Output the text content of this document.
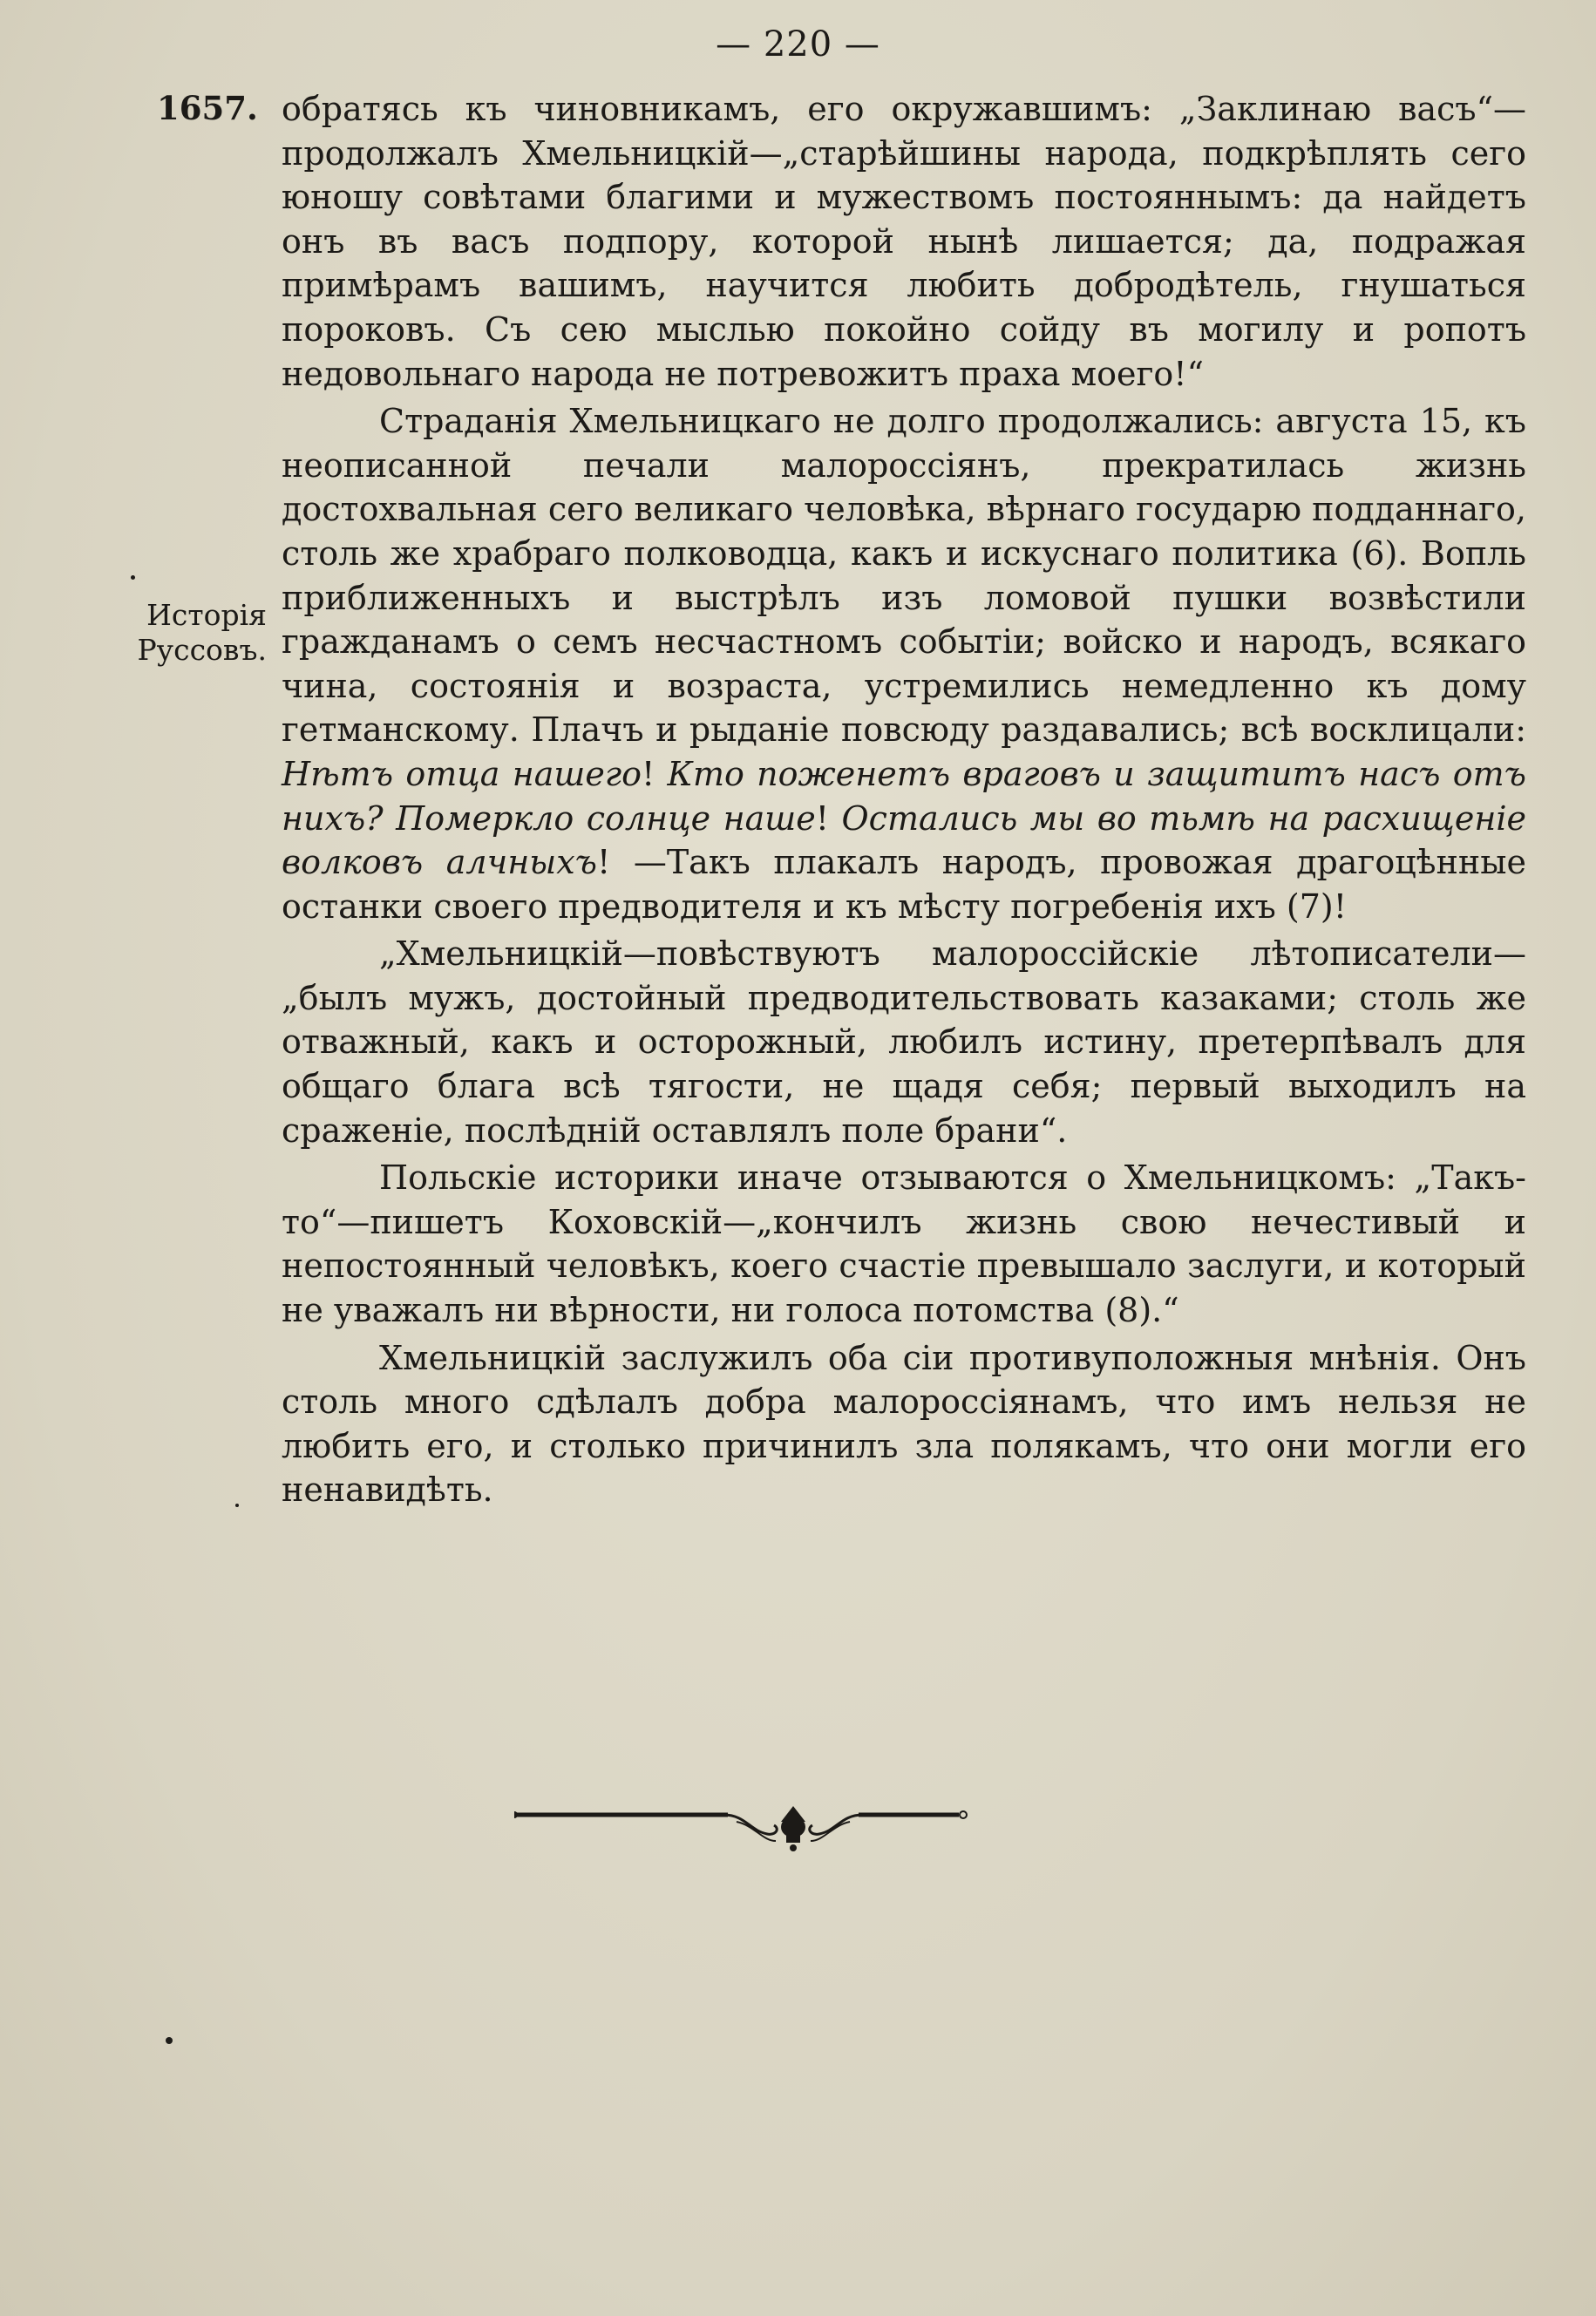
— 220 —
1657.
Исторія
Руссовъ.

обратясь къ чиновникамъ, его окружавшимъ: „Заклинаю васъ“—продолжалъ Хмельницкій—„старѣйшины народа, подкрѣплять сего юношу совѣтами благими и мужествомъ постояннымъ: да найдетъ онъ въ васъ подпору, которой нынѣ лишается; да, подражая примѣрамъ вашимъ, научится любить добродѣтель, гнушаться пороковъ. Съ сею мыслью покойно сойду въ могилу и ропотъ недовольнаго народа не потревожитъ праха моего!“

Страданія Хмельницкаго не долго продолжались: августа 15, къ неописанной печали малороссіянъ, прекратилась жизнь достохвальная сего великаго человѣка, вѣрнаго государю подданнаго, столь же храбраго полководца, какъ и искуснаго политика (6). Вопль приближенныхъ и выстрѣлъ изъ ломовой пушки возвѣстили гражданамъ о семъ несчастномъ событіи; войско и народъ, всякаго чина, состоянія и возраста, устремились немедленно къ дому гетманскому. Плачъ и рыданіе повсюду раздавались; всѣ восклицали: Нѣтъ отца нашего! Кто поженетъ враговъ и защититъ насъ отъ нихъ? Померкло солнце наше! Остались мы во тьмѣ на расхищеніе волковъ алчныхъ! —Такъ плакалъ народъ, провожая драгоцѣнные останки своего предводителя и къ мѣсту погребенія ихъ (7)!

„Хмельницкій—повѣствуютъ малороссійскіе лѣтописатели—„былъ мужъ, достойный предводительствовать казаками; столь же отважный, какъ и осторожный, любилъ истину, претерпѣвалъ для общаго блага всѣ тягости, не щадя себя; первый выходилъ на сраженіе, послѣдній оставлялъ поле брани“.

Польскіе историки иначе отзываются о Хмельницкомъ: „Такъ-то“—пишетъ Коховскій—„кончилъ жизнь свою нечестивый и непостоянный человѣкъ, коего счастіе превышало заслуги, и который не уважалъ ни вѣрности, ни голоса потомства (8).“

Хмельницкій заслужилъ оба сіи противуположныя мнѣнія. Онъ столь много сдѣлалъ добра малороссіянамъ, что имъ нельзя не любить его, и столько причинилъ зла полякамъ, что они могли его ненавидѣть.
